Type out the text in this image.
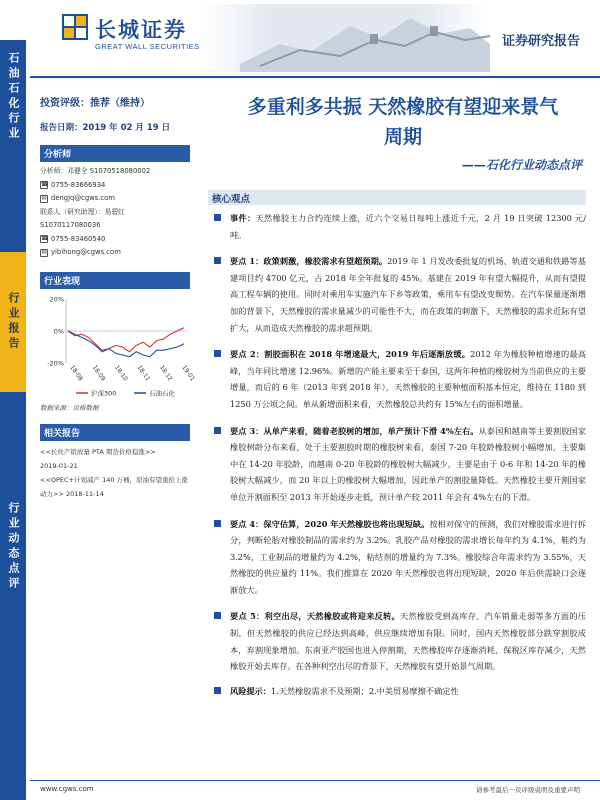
长城证券
GREAT WALL SECURITIES	证券研究报告
石油石化行业
行业报告
行业动态点评
投资评级：推荐（维持）
报告日期：2019 年 02 月 19 日
分析师
分析师：邓健全 S1070518080002
☎ 0755-83666934
✉ dengjq@cgws.com
联系人（研究助理）：易碧红
S1070117080036
☎ 0755-83460540
✉ yibihong@cgws.com
行业表现
20%
0%
-20%
18-08 18-09 18-10 18-11 18-12 19-01
沪深300	石油石化
数据来源：贝格数据
相关报告
<<长丝产销放量 PTA 期货价格稳涨>>
2019-01-21
<<OPEC+计划减产 140 万桶，原油有望重拾上涨动力>> 2018-11-14
多重利多共振 天然橡胶有望迎来景气
周期
——石化行业动态点评
核心观点
事件：天然橡胶主力合约连续上涨，近六个交易日每吨上涨近千元，2 月 19 日突破 12300 元/吨。
要点 1：政策刺激，橡胶需求有望超预期。2019 年 1 月发改委批复的机场、轨道交通和铁路等基建项目约 4700 亿元，占 2018 年全年批复的 45%。基建在 2019 年有望大幅提升，从而有望提高工程车辆的使用。同时对乘用车实施汽车下乡等政策，乘用车有望改变颓势。在汽车保量逐渐增加的背景下，天然橡胶的需求量减少的可能性不大，而在政策的刺激下，天然橡胶的需求近际有望扩大，从而造成天然橡胶的需求超预期。
要点 2：割胶面积在 2018 年增速最大，2019 年后逐渐放缓。2012 年为橡胶种植增速的最高峰，当年同比增速 12.96%。新增的产能主要来至于泰国，这两年种植的橡胶树为当前供应的主要增量，而后的 6 年（2013 年到 2018 年），天然橡胶的主要种植面积基本恒定，维持在 1180 到 1250 万公顷之间。单从新增面积来看，天然橡胶总共约有 15%左右的面积增量。
要点 3：从单产来看，随着老胶树的增加，单产预计下滑 4%左右。从泰国和越南等主要割胶国家橡胶树龄分布来看，处于主要割胶时期的橡胶树来看，泰国 7-20 年胶龄橡胶树小幅增加，主要集中在 14-20 年胶龄，而越南 0-20 年胶龄的橡胶树大幅减少，主要是由于 0-6 年和 14-20 年的橡胶树大幅减少，而 20 年以上的橡胶树大幅增加，因此单产的割胶量降低。天然橡胶主要开割国家单位开割面积至 2013 年开始逐步走低，预计单产较 2011 年会有 4%左右的下滑。
要点 4：保守估算，2020 年天然橡胶也将出现短缺。按相对保守的预测，我们对橡胶需求进行拆分，判断轮胎对橡胶制品的需求约为 3.2%。乳胶产品对橡胶的需求增长每年约为 4.1%，鞋约为 3.2%，工业制品的增量约为 4.2%，粘结剂的增量约为 7.3%。橡胶综合年需求约为 3.55%，天然橡胶的供应量约 11%。我们推算在 2020 年天然橡胶也将出现短缺，2020 年后供需缺口会逐渐放大。
要点 5：利空出尽，天然橡胶或将迎来反转。天然橡胶受到高库存、汽车销量走弱等多方面的压制，但天然橡胶的供应已经达到高峰，供应继续增加有限。同时，国内天然橡胶部分跌穿割胶成本，弃割现象增加。东南亚产胶国也进入停割期，天然橡胶库存逐渐消耗，保税区库存减少，天然橡胶开始去库存。在各种利空出尽的背景下，天然橡胶有望开始景气周期。
风险提示：1.天然橡胶需求不及预期；2.中美贸易摩擦不确定性
www.cgws.com	请参考最后一页评级说明及重要声明
